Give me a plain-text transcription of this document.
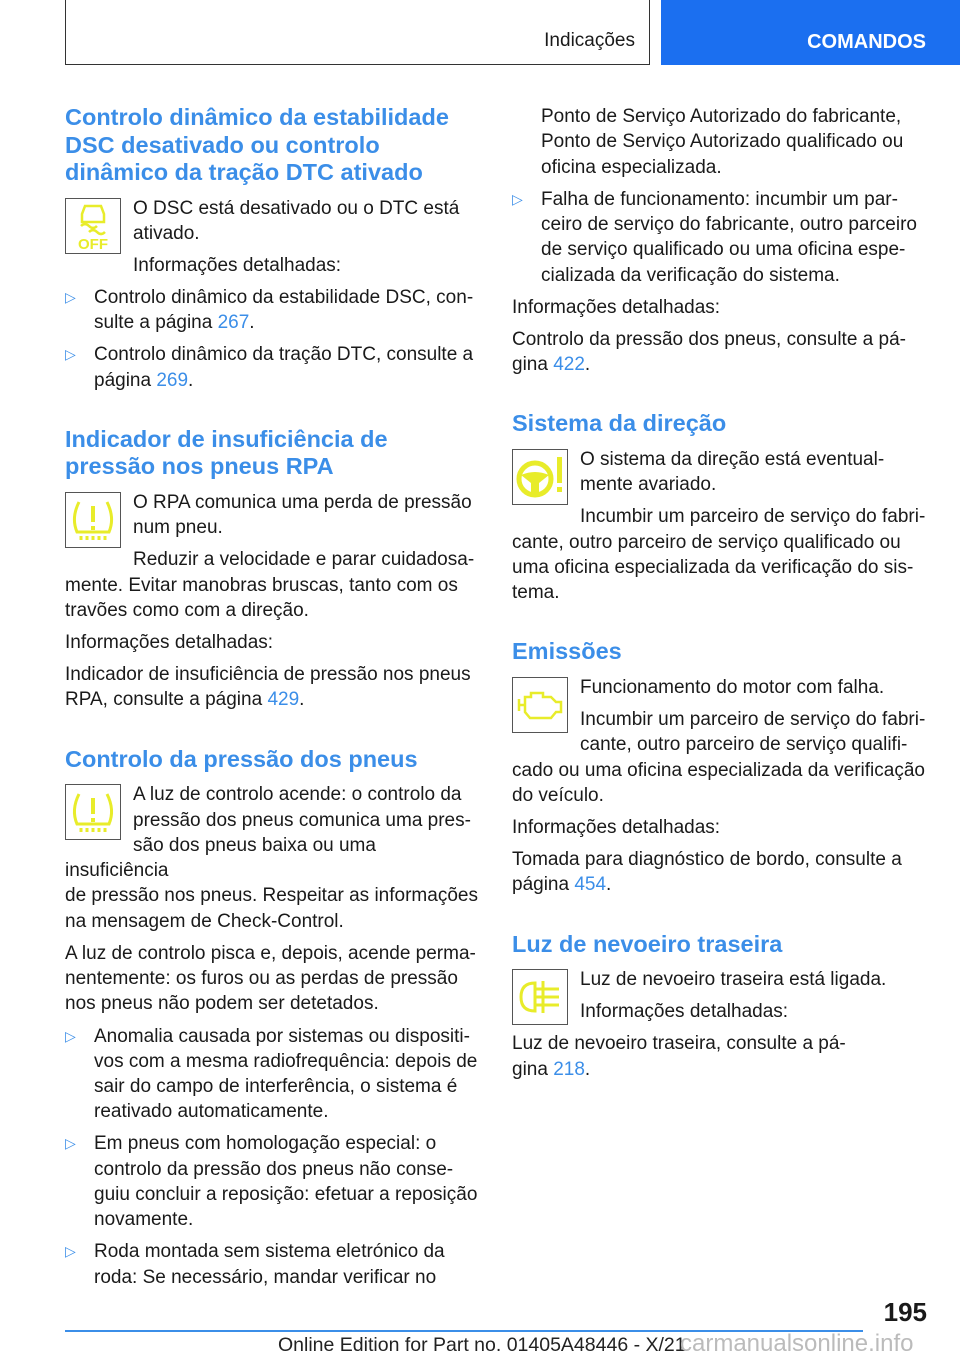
Indicações	COMANDOS
Controlo dinâmico da estabilidade
DSC desativado ou controlo
dinâmico da tração DTC ativado
OFF

O DSC está desativado ou o DTC está
ativado.

Informações detalhadas:

▷ Controlo dinâmico da estabilidade DSC, con-
sulte a página 267.

▷ Controlo dinâmico da tração DTC, consulte a
página 269.

Indicador de insuficiência de
pressão nos pneus RPA

O RPA comunica uma perda de pressão
num pneu.

Reduzir a velocidade e parar cuidadosa-
mente. Evitar manobras bruscas, tanto com os
travões como com a direção.

Informações detalhadas:

Indicador de insuficiência de pressão nos pneus
RPA, consulte a página 429.

Controlo da pressão dos pneus

A luz de controlo acende: o controlo da
pressão dos pneus comunica uma pres-
são dos pneus baixa ou uma insuficiência
de pressão nos pneus. Respeitar as informações
na mensagem de Check-Control.

A luz de controlo pisca e, depois, acende perma-
nentemente: os furos ou as perdas de pressão
nos pneus não podem ser detetados.

▷ Anomalia causada por sistemas ou dispositi-
vos com a mesma radiofrequência: depois de
sair do campo de interferência, o sistema é
reativado automaticamente.

▷ Em pneus com homologação especial: o
controlo da pressão dos pneus não conse-
guiu concluir a reposição: efetuar a reposição
novamente.

▷ Roda montada sem sistema eletrónico da
roda: Se necessário, mandar verificar no

Ponto de Serviço Autorizado do fabricante,
Ponto de Serviço Autorizado qualificado ou
oficina especializada.

▷ Falha de funcionamento: incumbir um par-
ceiro de serviço do fabricante, outro parceiro
de serviço qualificado ou uma oficina espe-
cializada da verificação do sistema.

Informações detalhadas:

Controlo da pressão dos pneus, consulte a pá-
gina 422.

Sistema da direção

O sistema da direção está eventual-
mente avariado.

Incumbir um parceiro de serviço do fabri-
cante, outro parceiro de serviço qualificado ou
uma oficina especializada da verificação do sis-
tema.

Emissões

Funcionamento do motor com falha.

Incumbir um parceiro de serviço do fabri-
cante, outro parceiro de serviço qualifi-
cado ou uma oficina especializada da verificação
do veículo.

Informações detalhadas:

Tomada para diagnóstico de bordo, consulte a
página 454.

Luz de nevoeiro traseira

Luz de nevoeiro traseira está ligada.

Informações detalhadas:

Luz de nevoeiro traseira, consulte a pá-
gina 218.

195
Online Edition for Part no. 01405A48446 - X/21
carmanualsonline.info
